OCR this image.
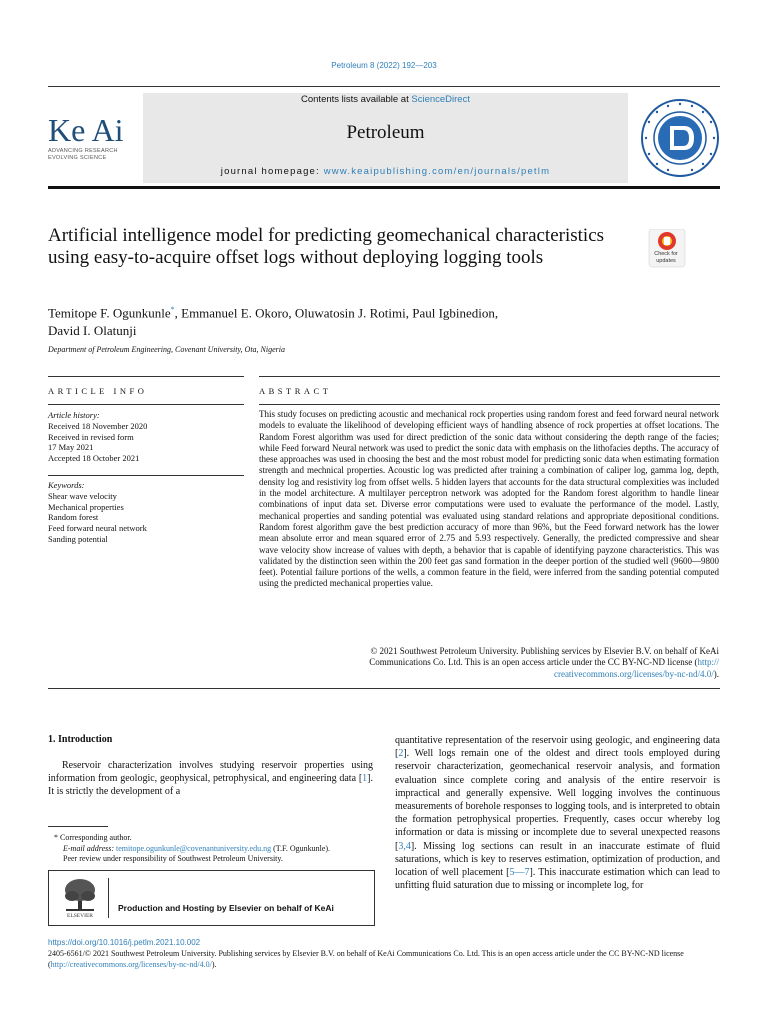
Petroleum 8 (2022) 192—203
Ke Ai
ADVANCING RESEARCH
EVOLVING SCIENCE
Contents lists available at ScienceDirect
Petroleum
journal homepage: www.keaipublishing.com/en/journals/petlm
Artificial intelligence model for predicting geomechanical characteristics using easy-to-acquire offset logs without deploying logging tools	Check for
updates
Temitope F. Ogunkunle*, Emmanuel E. Okoro, Oluwatosin J. Rotimi, Paul Igbinedion,
David I. Olatunji
Department of Petroleum Engineering, Covenant University, Ota, Nigeria
ARTICLE INFO	ABSTRACT
Article history:
Received 18 November 2020
Received in revised form
17 May 2021
Accepted 18 October 2021
Keywords:
Shear wave velocity
Mechanical properties
Random forest
Feed forward neural network
Sanding potential
This study focuses on predicting acoustic and mechanical rock properties using random forest and feed forward neural network models to evaluate the likelihood of developing efficient ways of handling absence of rock properties at offset locations. The Random Forest algorithm was used for direct prediction of the sonic data without considering the depth range of the facies; while Feed forward Neural network was used to predict the sonic data with emphasis on the lithofacies depths. The accuracy of these approaches was used in choosing the best and the most robust model for predicting sonic data when estimating formation strength and mechnical properties. Acoustic log was predicted after training a combination of caliper log, gamma log, depth, density log and resistivity log from offset wells. 5 hidden layers that accounts for the data structural complexities was included in the model architecture. A multilayer perceptron network was adopted for the Random forest algorithm to handle linear combinations of input data set. Diverse error computations were used to evaluate the performance of the model. Lastly, mechanical properties and sanding potential was evaluated using standard relations and appropriate depositional conditions. Random forest algorithm gave the best prediction accuracy of more than 96%, but the Feed forward network has the lower mean absolute error and mean squared error of 2.75 and 5.93 respectively. Generally, the predicted compressive and shear wave velocity show increase of values with depth, a behavior that is capable of identifying payzone characteristics. This was validated by the distinction seen within the 200 feet gas sand formation in the deeper portion of the studied well (9600—9800 feet). Potential failure portions of the wells, a common feature in the field, were inferred from the sanding potential computed using the predicted mechanical properties value.
© 2021 Southwest Petroleum University. Publishing services by Elsevier B.V. on behalf of KeAi
Communications Co. Ltd. This is an open access article under the CC BY-NC-ND license (http://
creativecommons.org/licenses/by-nc-nd/4.0/).
1. Introduction
Reservoir characterization involves studying reservoir properties using information from geologic, geophysical, petrophysical, and engineering data [1]. It is strictly the development of a
* Corresponding author.
E-mail address: temitope.ogunkunle@covenantuniversity.edu.ng (T.F. Ogunkunle).
Peer review under responsibility of Southwest Petroleum University.
ELSEVIER
Production and Hosting by Elsevier on behalf of KeAi
quantitative representation of the reservoir using geologic, and engineering data [2]. Well logs remain one of the oldest and direct tools employed during reservoir characterization, geomechanical reservoir analysis, and formation evaluation since complete coring and analysis of the entire reservoir is impractical and generally expensive. Well logging involves the continuous measurements of borehole responses to logging tools, and is interpreted to obtain the formation petrophysical properties. Frequently, cases occur whereby log information or data is missing or incomplete due to several unexpected reasons [3,4]. Missing log sections can result in an inaccurate estimate of fluid saturations, which is key to reserves estimation, optimization of production, and location of well placement [5—7]. This inaccurate estimation which can lead to unfitting fluid saturation due to missing or incomplete log, for
https://doi.org/10.1016/j.petlm.2021.10.002
2405-6561/© 2021 Southwest Petroleum University. Publishing services by Elsevier B.V. on behalf of KeAi Communications Co. Ltd. This is an open access article under the CC BY-NC-ND license (http://creativecommons.org/licenses/by-nc-nd/4.0/).
